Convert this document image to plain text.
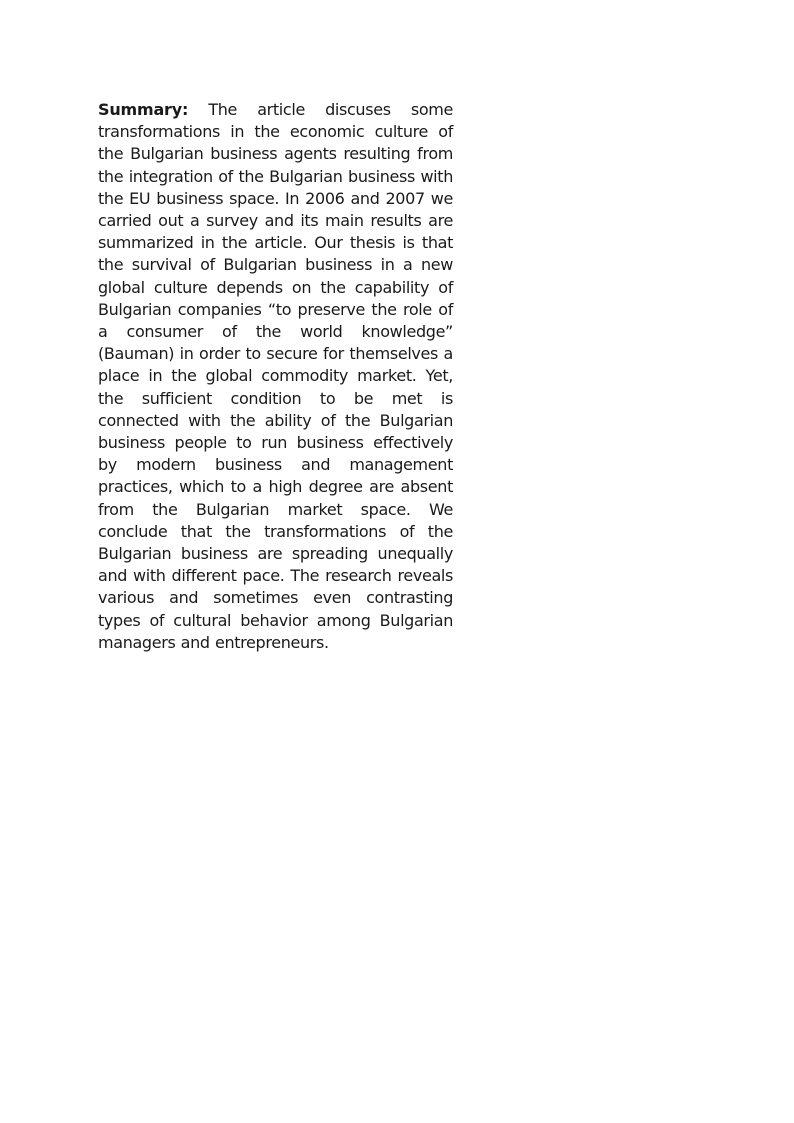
Summary: The article discuses some transformations in the economic culture of the Bulgarian business agents resulting from the integration of the Bulgarian business with the EU business space. In 2006 and 2007 we carried out a survey and its main results are summarized in the article. Our thesis is that the survival of Bulgarian business in a new global culture depends on the capability of Bulgarian companies “to preserve the role of a consumer of the world knowledge” (Bauman) in order to secure for themselves a place in the global commodity market. Yet, the sufficient condition to be met is connected with the ability of the Bulgarian business people to run business effectively by modern business and management practices, which to a high degree are absent from the Bulgarian market space. We conclude that the transformations of the Bulgarian business are spreading unequally and with different pace. The research reveals various and sometimes even contrasting types of cultural behavior among Bulgarian managers and entrepreneurs.
